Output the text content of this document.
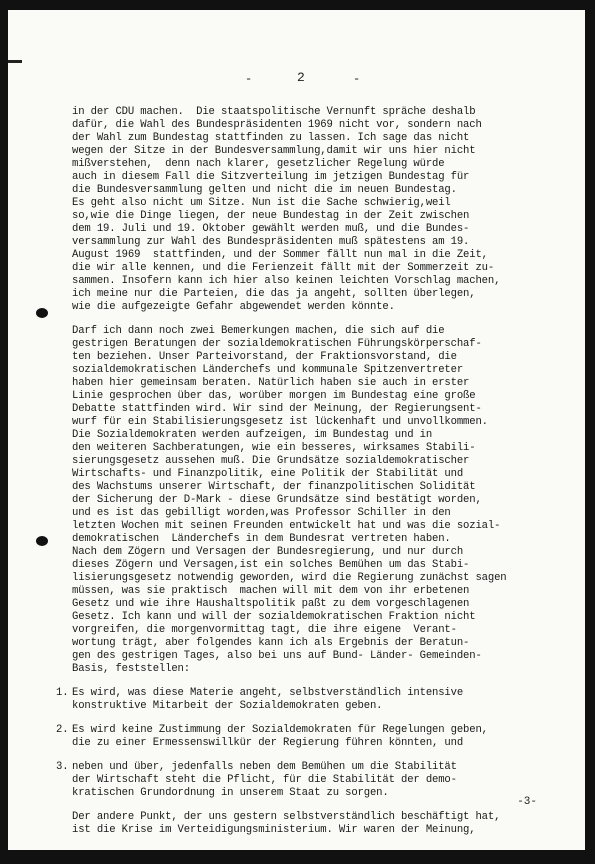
-

	2

	-

in der CDU machen.  Die staatspolitische Vernunft spräche deshalb
dafür, die Wahl des Bundespräsidenten 1969 nicht vor, sondern nach
der Wahl zum Bundestag stattfinden zu lassen. Ich sage das nicht
wegen der Sitze in der Bundesversammlung,damit wir uns hier nicht
mißverstehen,  denn nach klarer, gesetzlicher Regelung würde
auch in diesem Fall die Sitzverteilung im jetzigen Bundestag für
die Bundesversammlung gelten und nicht die im neuen Bundestag.
Es geht also nicht um Sitze. Nun ist die Sache schwierig,weil
so,wie die Dinge liegen, der neue Bundestag in der Zeit zwischen
dem 19. Juli und 19. Oktober gewählt werden muß, und die Bundes-
versammlung zur Wahl des Bundespräsidenten muß spätestens am 19.
August 1969  stattfinden, und der Sommer fällt nun mal in die Zeit,
die wir alle kennen, und die Ferienzeit fällt mit der Sommerzeit zu-
sammen. Insofern kann ich hier also keinen leichten Vorschlag machen,
ich meine nur die Parteien, die das ja angeht, sollten überlegen,
wie die aufgezeigte Gefahr abgewendet werden könnte.
Darf ich dann noch zwei Bemerkungen machen, die sich auf die
gestrigen Beratungen der sozialdemokratischen Führungskörperschaf-
ten beziehen. Unser Parteivorstand, der Fraktionsvorstand, die
sozialdemokratischen Länderchefs und kommunale Spitzenvertreter
haben hier gemeinsam beraten. Natürlich haben sie auch in erster
Linie gesprochen über das, worüber morgen im Bundestag eine große
Debatte stattfinden wird. Wir sind der Meinung, der Regierungsent-
wurf für ein Stabilisierungsgesetz ist lückenhaft und unvollkommen.
Die Sozialdemokraten werden aufzeigen, im Bundestag und in
den weiteren Sachberatungen, wie ein besseres, wirksames Stabili-
sierungsgesetz aussehen muß. Die Grundsätze sozialdemokratischer
Wirtschafts- und Finanzpolitik, eine Politik der Stabilität und
des Wachstums unserer Wirtschaft, der finanzpolitischen Solidität
der Sicherung der D-Mark - diese Grundsätze sind bestätigt worden,
und es ist das gebilligt worden,was Professor Schiller in den
letzten Wochen mit seinen Freunden entwickelt hat und was die sozial-
demokratischen  Länderchefs in dem Bundesrat vertreten haben.
Nach dem Zögern und Versagen der Bundesregierung, und nur durch
dieses Zögern und Versagen,ist ein solches Bemühen um das Stabi-
lisierungsgesetz notwendig geworden, wird die Regierung zunächst sagen
müssen, was sie praktisch  machen will mit dem von ihr erbetenen
Gesetz und wie ihre Haushaltspolitik paßt zu dem vorgeschlagenen
Gesetz. Ich kann und will der sozialdemokratischen Fraktion nicht
vorgreifen, die morgenvormittag tagt, die ihre eigene  Verant-
wortung trägt, aber folgendes kann ich als Ergebnis der Beratun-
gen des gestrigen Tages, also bei uns auf Bund- Länder- Gemeinden-
Basis, feststellen:
1. Es wird, was diese Materie angeht, selbstverständlich intensive
konstruktive Mitarbeit der Sozialdemokraten geben.
2. Es wird keine Zustimmung der Sozialdemokraten für Regelungen geben,
die zu einer Ermessenswillkür der Regierung führen könnten, und
3. neben und über, jedenfalls neben dem Bemühen um die Stabilität
der Wirtschaft steht die Pflicht, für die Stabilität der demo-
kratischen Grundordnung in unserem Staat zu sorgen.
Der andere Punkt, der uns gestern selbstverständlich beschäftigt hat,
ist die Krise im Verteidigungsministerium. Wir waren der Meinung,
-3-
